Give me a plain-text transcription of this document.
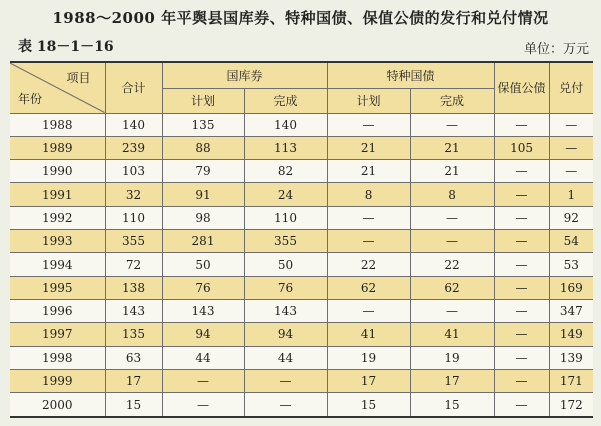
1988～2000 年平舆县国库券、特种国债、保值公债的发行和兑付情况
表 18－1－16	单位：万元
项目
年份	合计	国库券		特种国债		保值公债	兑付
		计划	完成	计划	完成		
1988	140	135	140	—	—	—	—
1989	239	88	113	21	21	105	—
1990	103	79	82	21	21	—	—
1991	32	91	24	8	8	—	1
1992	110	98	110	—	—	—	92
1993	355	281	355	—	—	—	54
1994	72	50	50	22	22	—	53
1995	138	76	76	62	62	—	169
1996	143	143	143	—	—	—	347
1997	135	94	94	41	41	—	149
1998	63	44	44	19	19	—	139
1999	17	—	—	17	17	—	171
2000	15	—	—	15	15	—	172
